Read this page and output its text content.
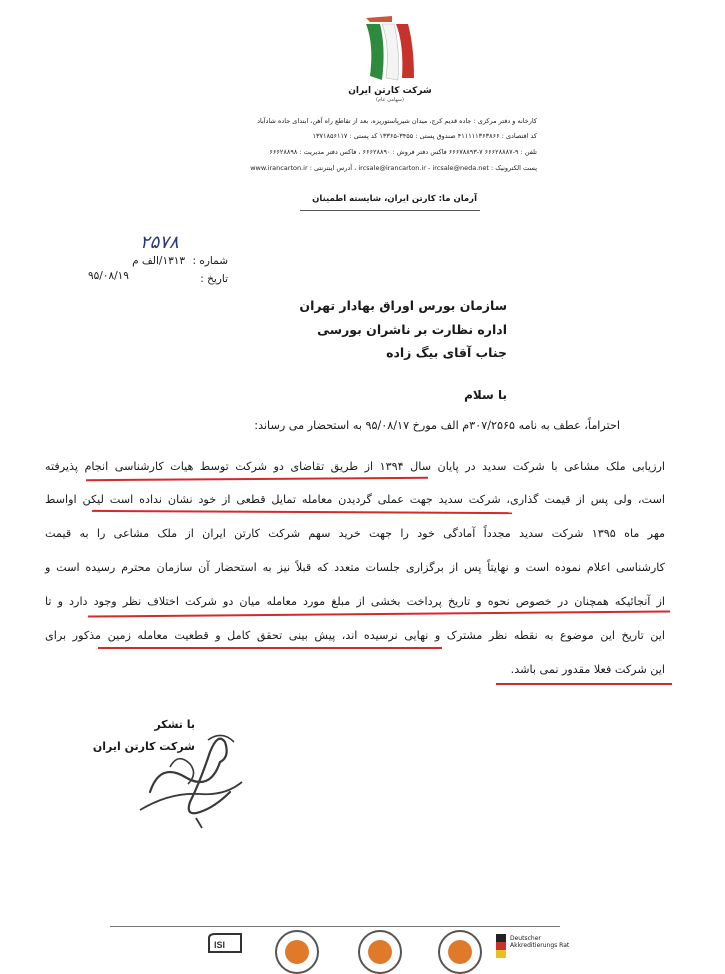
شرکت کارتن ایران
(سهامی عام)
کارخانه و دفتر مرکزی : جاده قدیم کرج، میدان شیرپاستوریزه، بعد از تقاطع راه آهن، ابتدای جاده شادآباد
کد اقتصادی : ۴۱۱۱۱۱۳۶۳۸۶۶ صندوق پستی : ۳۴۵۵-۱۳۳۶۵ کد پستی : ۱۳۷۱۸۵۶۱۱۷
تلفن : ۹-۶۶۶۲۸۸۸۷ ۷-۶۶۶۷۸۸۹۳ فاکس دفتر فروش : ۶۶۶۲۸۸۹۰ ، فاکس دفتر مدیریت : ۶۶۶۲۸۸۹۸
پست الکترونیک : ircsale@irancarton.ir - ircsale@neda.net ، آدرس اینترنتی : www.irancarton.ir
آرمان ما: کارتن ایران، شایسته اطمینان
شماره :
۱۳۱۳/الف م
۲۵۷۸
تاریخ :
۹۵/۰۸/۱۹
سازمان بورس اوراق بهادار تهران
اداره نظارت بر ناشران بورسی
جناب آقای بیگ زاده
با سلام
احتراماً، عطف به نامه ۳۰۷/۲۵۶۵م الف مورخ ۹۵/۰۸/۱۷ به استحضار می رساند:
ارزیابی ملک مشاعی با شرکت سدید در پایان سال ۱۳۹۴ از طریق تقاضای دو شرکت توسط هیات کارشناسی انجام پذیرفته
است، ولی پس از قیمت گذاری، شرکت سدید جهت عملی گردیدن معامله تمایل قطعی از خود نشان نداده است لیکن اواسط
مهر ماه ۱۳۹۵ شرکت سدید مجدداً آمادگی خود را جهت خرید سهم شرکت کارتن ایران از ملک مشاعی را به قیمت
کارشناسی اعلام نموده است و نهایتاً پس از برگزاری جلسات متعدد که قبلاً نیز به استحضار آن سازمان محترم رسیده است و
از آنجائیکه همچنان در خصوص نحوه و تاریخ پرداخت بخشی از مبلغ مورد معامله میان دو شرکت اختلاف نظر وجود دارد و تا
این تاریخ این موضوع به نقطه نظر مشترک و نهایی نرسیده اند، پیش بینی تحقق کامل و قطعیت معامله زمین مذکور برای
این شرکت فعلا مقدور نمی باشد.
با تشکر
شرکت کارتن ایران
ISI
Deutscher Akkreditierungs Rat
